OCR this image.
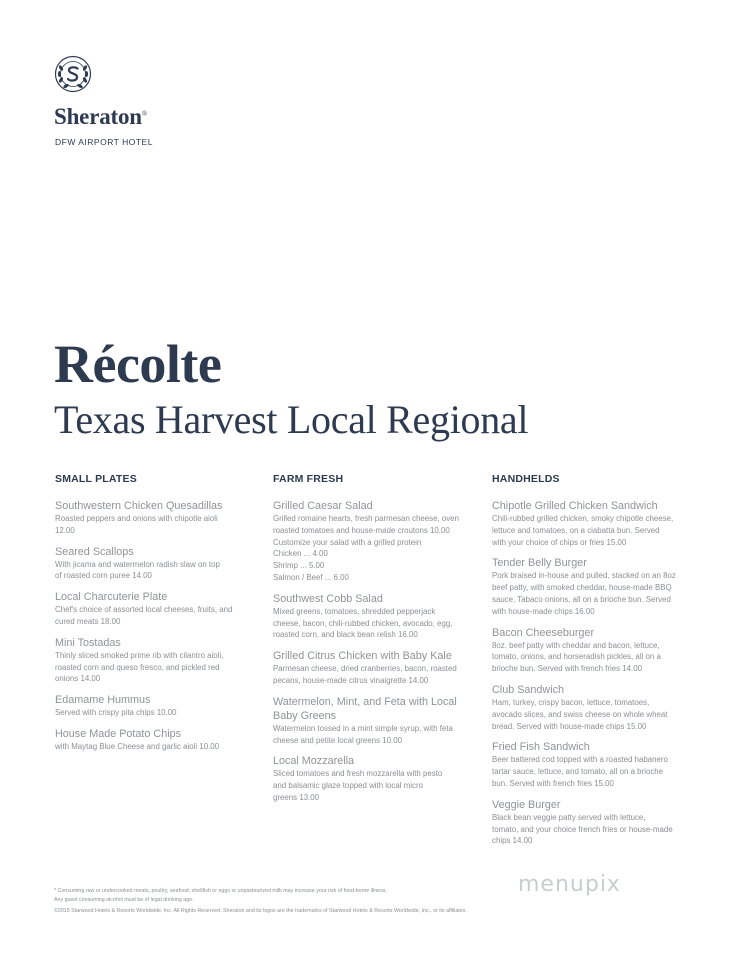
Sheraton®
DFW AIRPORT HOTEL
Récolte
Texas Harvest Local Regional
SMALL PLATES
Southwestern Chicken Quesadillas
Roasted peppers and onions with chipotle aioli
12.00
Seared Scallops
With jicama and watermelon radish slaw on top
of roasted corn puree 14.00
Local Charcuterie Plate
Chef's choice of assorted local cheeses, fruits, and
cured meats 18.00
Mini Tostadas
Thinly sliced smoked prime rib with cilantro aioli,
roasted corn and queso fresco, and pickled red
onions 14.00
Edamame Hummus
Served with crispy pita chips 10.00
House Made Potato Chips
with Maytag Blue Cheese and garlic aioli 10.00
FARM FRESH
Grilled Caesar Salad
Grilled romaine hearts, fresh parmesan cheese, oven
roasted tomatoes and house-made croutons 10.00
Customize your salad with a grilled protein
Chicken ... 4.00
Shrimp ... 5.00
Salmon / Beef ... 6.00
Southwest Cobb Salad
Mixed greens, tomatoes, shredded pepperjack
cheese, bacon, chili-rubbed chicken, avocado, egg,
roasted corn, and black bean relish 16.00
Grilled Citrus Chicken with Baby Kale
Parmesan cheese, dried cranberries, bacon, roasted
pecans, house-made citrus vinaigrette 14.00
Watermelon, Mint, and Feta with Local Baby Greens
Watermelon tossed in a mint simple syrup, with feta
cheese and petite local greens 10.00
Local Mozzarella
Sliced tomatoes and fresh mozzarella with pesto
and balsamic glaze topped with local micro
greens 13.00
HANDHELDS
Chipotle Grilled Chicken Sandwich
Chili-rubbed grilled chicken, smoky chipotle cheese,
lettuce and tomatoes, on a ciabatta bun. Served
with your choice of chips or fries 15.00
Tender Belly Burger
Pork braised in-house and pulled, stacked on an 8oz
beef patty, with smoked cheddar, house-made BBQ
sauce, Tabaco onions, all on a brioche bun. Served
with house-made chips 16.00
Bacon Cheeseburger
8oz. beef patty with cheddar and bacon, lettuce,
tomato, onions, and horseradish pickles, all on a
brioche bun. Served with french fries 14.00
Club Sandwich
Ham, turkey, crispy bacon, lettuce, tomatoes,
avocado slices, and swiss cheese on whole wheat
bread. Served with house-made chips 15.00
Fried Fish Sandwich
Beer battered cod topped with a roasted habanero
tartar sauce, lettuce, and tomato, all on a brioche
bun. Served with french fries 15.00
Veggie Burger
Black bean veggie patty served with lettuce,
tomato, and your choice french fries or house-made
chips 14.00
* Consuming raw or undercooked meats, poultry, seafood, shellfish or eggs or unpasteurized milk may increase your risk of food-borne illness.
Any guest consuming alcohol must be of legal drinking age.
©2015 Starwood Hotels & Resorts Worldwide, Inc. All Rights Reserved. Sheraton and its logos are the trademarks of Starwood Hotels & Resorts Worldwide, Inc., or its affiliates.
menupix
